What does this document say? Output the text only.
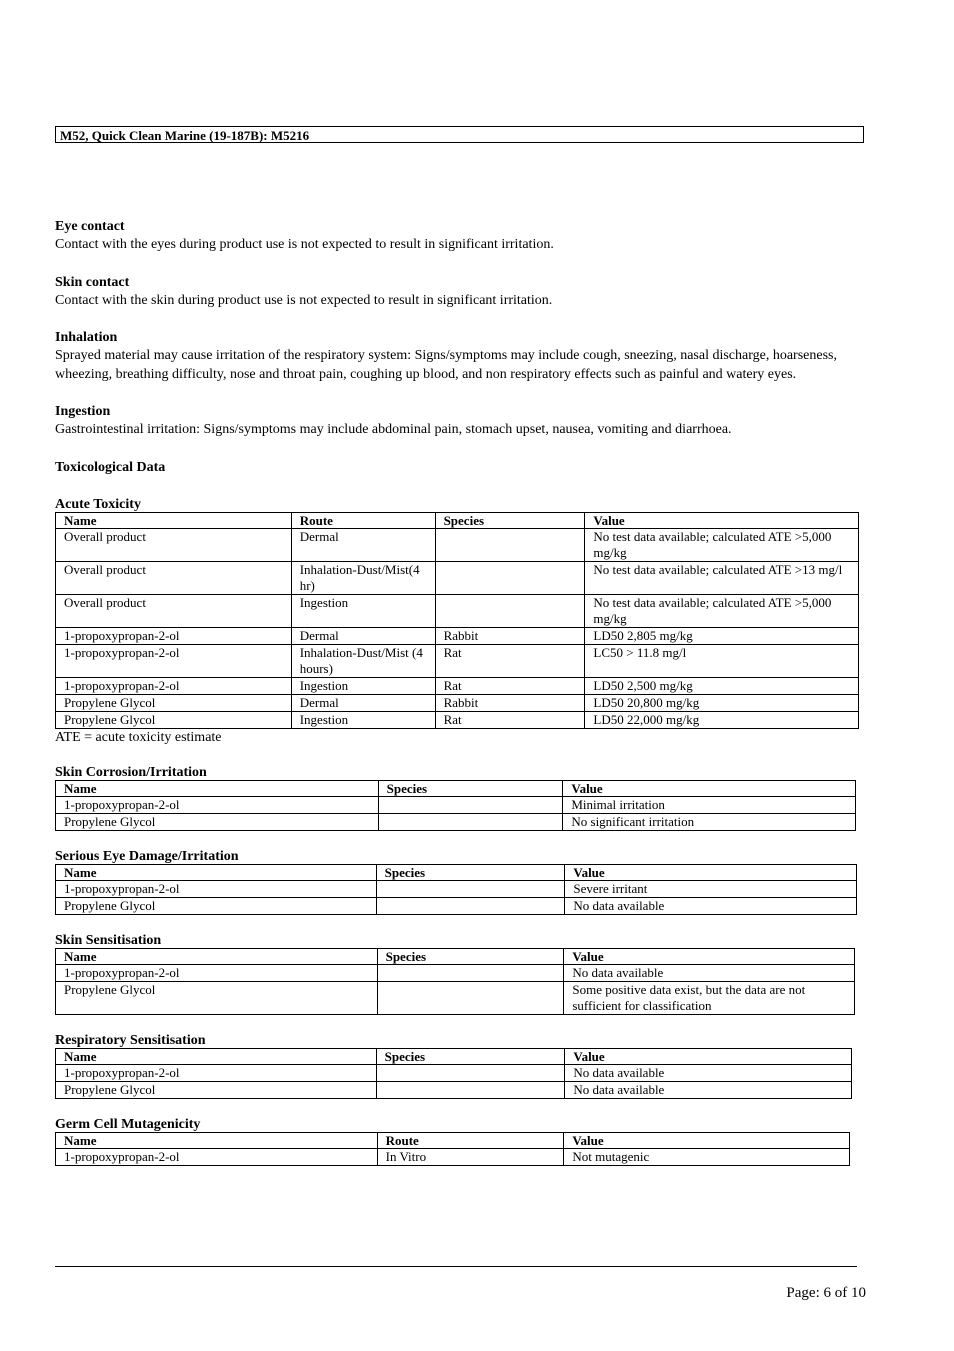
M52, Quick Clean Marine (19-187B): M5216

Eye contact

Contact with the eyes during product use is not expected to result in significant irritation.

Skin contact

Contact with the skin during product use is not expected to result in significant irritation.

Inhalation

Sprayed material may cause irritation of the respiratory system: Signs/symptoms may include cough, sneezing, nasal discharge, hoarseness, wheezing, breathing difficulty, nose and throat pain, coughing up blood, and non respiratory effects such as painful and watery eyes.

Ingestion

Gastrointestinal irritation: Signs/symptoms may include abdominal pain, stomach upset, nausea, vomiting and diarrhoea.

Toxicological Data

Acute Toxicity

Name	Route	Species	Value
Overall product	Dermal		No test data available; calculated ATE >5,000 mg/kg
Overall product	Inhalation-Dust/Mist(4 hr)		No test data available; calculated ATE >13 mg/l
Overall product	Ingestion		No test data available; calculated ATE >5,000 mg/kg
1-propoxypropan-2-ol	Dermal	Rabbit	LD50 2,805 mg/kg
1-propoxypropan-2-ol	Inhalation-Dust/Mist (4 hours)	Rat	LC50 > 11.8 mg/l
1-propoxypropan-2-ol	Ingestion	Rat	LD50 2,500 mg/kg
Propylene Glycol	Dermal	Rabbit	LD50 20,800 mg/kg
Propylene Glycol	Ingestion	Rat	LD50 22,000 mg/kg

ATE = acute toxicity estimate

Skin Corrosion/Irritation

Name	Species	Value
1-propoxypropan-2-ol		Minimal irritation
Propylene Glycol		No significant irritation

Serious Eye Damage/Irritation

Name	Species	Value
1-propoxypropan-2-ol		Severe irritant
Propylene Glycol		No data available

Skin Sensitisation

Name	Species	Value
1-propoxypropan-2-ol		No data available
Propylene Glycol		Some positive data exist, but the data are not sufficient for classification

Respiratory Sensitisation

Name	Species	Value
1-propoxypropan-2-ol		No data available
Propylene Glycol		No data available

Germ Cell Mutagenicity

Name	Route	Value
1-propoxypropan-2-ol	In Vitro	Not mutagenic
Page: 6 of 10
